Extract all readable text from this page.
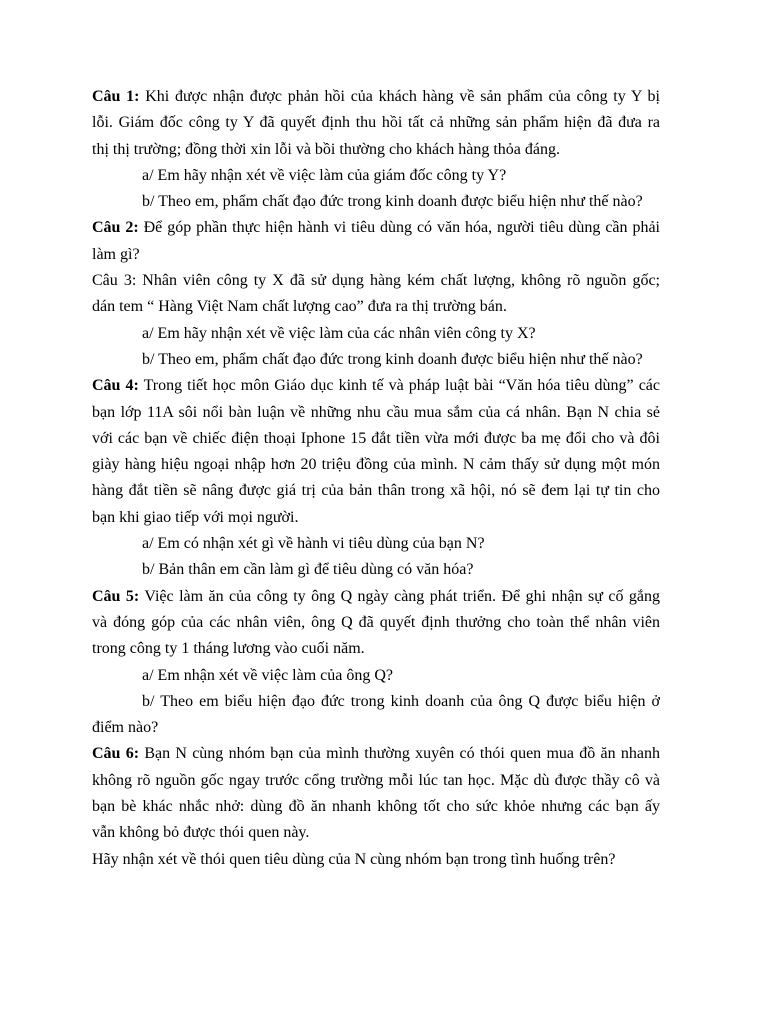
Câu 1: Khi được nhận được phản hồi của khách hàng về sản phẩm của công ty Y bị

lỗi. Giám đốc công ty Y đã quyết định thu hồi tất cả những sản phẩm hiện đã đưa ra

thị thị trường; đồng thời xin lỗi và bồi thường cho khách hàng thỏa đáng.

a/ Em hãy nhận xét về việc làm của giám đốc công ty Y?

b/ Theo em, phẩm chất đạo đức trong kinh doanh được biểu hiện như thế nào?

Câu 2: Để góp phần thực hiện hành vi tiêu dùng có văn hóa, người tiêu dùng cần phải

làm gì?

Câu 3: Nhân viên công ty X đã sử dụng hàng kém chất lượng, không rõ nguồn gốc;

dán tem “ Hàng Việt Nam chất lượng cao” đưa ra thị trường bán.

a/ Em hãy nhận xét về việc làm của các nhân viên công ty X?

b/ Theo em, phẩm chất đạo đức trong kinh doanh được biểu hiện như thế nào?

Câu 4: Trong tiết học môn Giáo dục kinh tế và pháp luật bài “Văn hóa tiêu dùng” các

bạn lớp 11A sôi nổi bàn luận về những nhu cầu mua sắm của cá nhân. Bạn N chia sẻ

với các bạn về chiếc điện thoại Iphone 15 đắt tiền vừa mới được ba mẹ đổi cho và đôi

giày hàng hiệu ngoại nhập hơn 20 triệu đồng của mình. N cảm thấy sử dụng một món

hàng đắt tiền sẽ nâng được giá trị của bản thân trong xã hội, nó sẽ đem lại tự tin cho

bạn khi giao tiếp với mọi người.

a/ Em có nhận xét gì về hành vi tiêu dùng của bạn N?

b/ Bản thân em cần làm gì để tiêu dùng có văn hóa?

Câu 5: Việc làm ăn của công ty ông Q ngày càng phát triển. Để ghi nhận sự cố gắng

và đóng góp của các nhân viên, ông Q đã quyết định thưởng cho toàn thể nhân viên

trong công ty 1 tháng lương vào cuối năm.

a/ Em nhận xét về việc làm của ông Q?

b/ Theo em biểu hiện đạo đức trong kinh doanh của ông Q được biểu hiện ở

điểm nào?

Câu 6: Bạn N cùng nhóm bạn của mình thường xuyên có thói quen mua đồ ăn nhanh

không rõ nguồn gốc ngay trước cổng trường mỗi lúc tan học. Mặc dù được thầy cô và

bạn bè khác nhắc nhở: dùng đồ ăn nhanh không tốt cho sức khỏe nhưng các bạn ấy

vẫn không bỏ được thói quen này.

Hãy nhận xét về thói quen tiêu dùng của N cùng nhóm bạn trong tình huống trên?
